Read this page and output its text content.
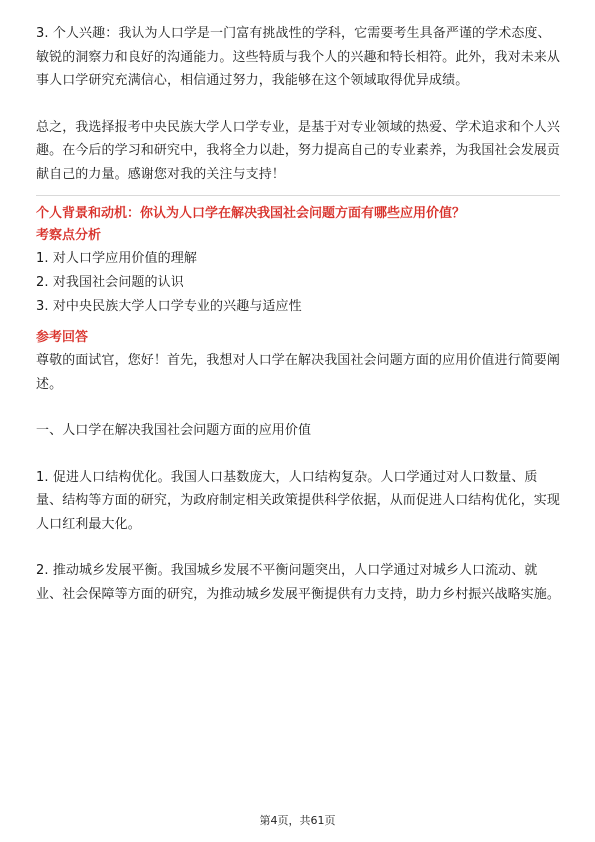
3. 个人兴趣：我认为人口学是一门富有挑战性的学科，它需要考生具备严谨的学术态度、敏锐的洞察力和良好的沟通能力。这些特质与我个人的兴趣和特长相符。此外，我对未来从事人口学研究充满信心，相信通过努力，我能够在这个领域取得优异成绩。

总之，我选择报考中央民族大学人口学专业，是基于对专业领域的热爱、学术追求和个人兴趣。在今后的学习和研究中，我将全力以赴，努力提高自己的专业素养，为我国社会发展贡献自己的力量。感谢您对我的关注与支持！

个人背景和动机：你认为人口学在解决我国社会问题方面有哪些应用价值？
考察点分析

1. 对人口学应用价值的理解

2. 对我国社会问题的认识

3. 对中央民族大学人口学专业的兴趣与适应性

参考回答

尊敬的面试官，您好！首先，我想对人口学在解决我国社会问题方面的应用价值进行简要阐述。

一、人口学在解决我国社会问题方面的应用价值

1. 促进人口结构优化。我国人口基数庞大，人口结构复杂。人口学通过对人口数量、质量、结构等方面的研究，为政府制定相关政策提供科学依据，从而促进人口结构优化，实现人口红利最大化。

2. 推动城乡发展平衡。我国城乡发展不平衡问题突出，人口学通过对城乡人口流动、就业、社会保障等方面的研究，为推动城乡发展平衡提供有力支持，助力乡村振兴战略实施。

第4页，共61页
